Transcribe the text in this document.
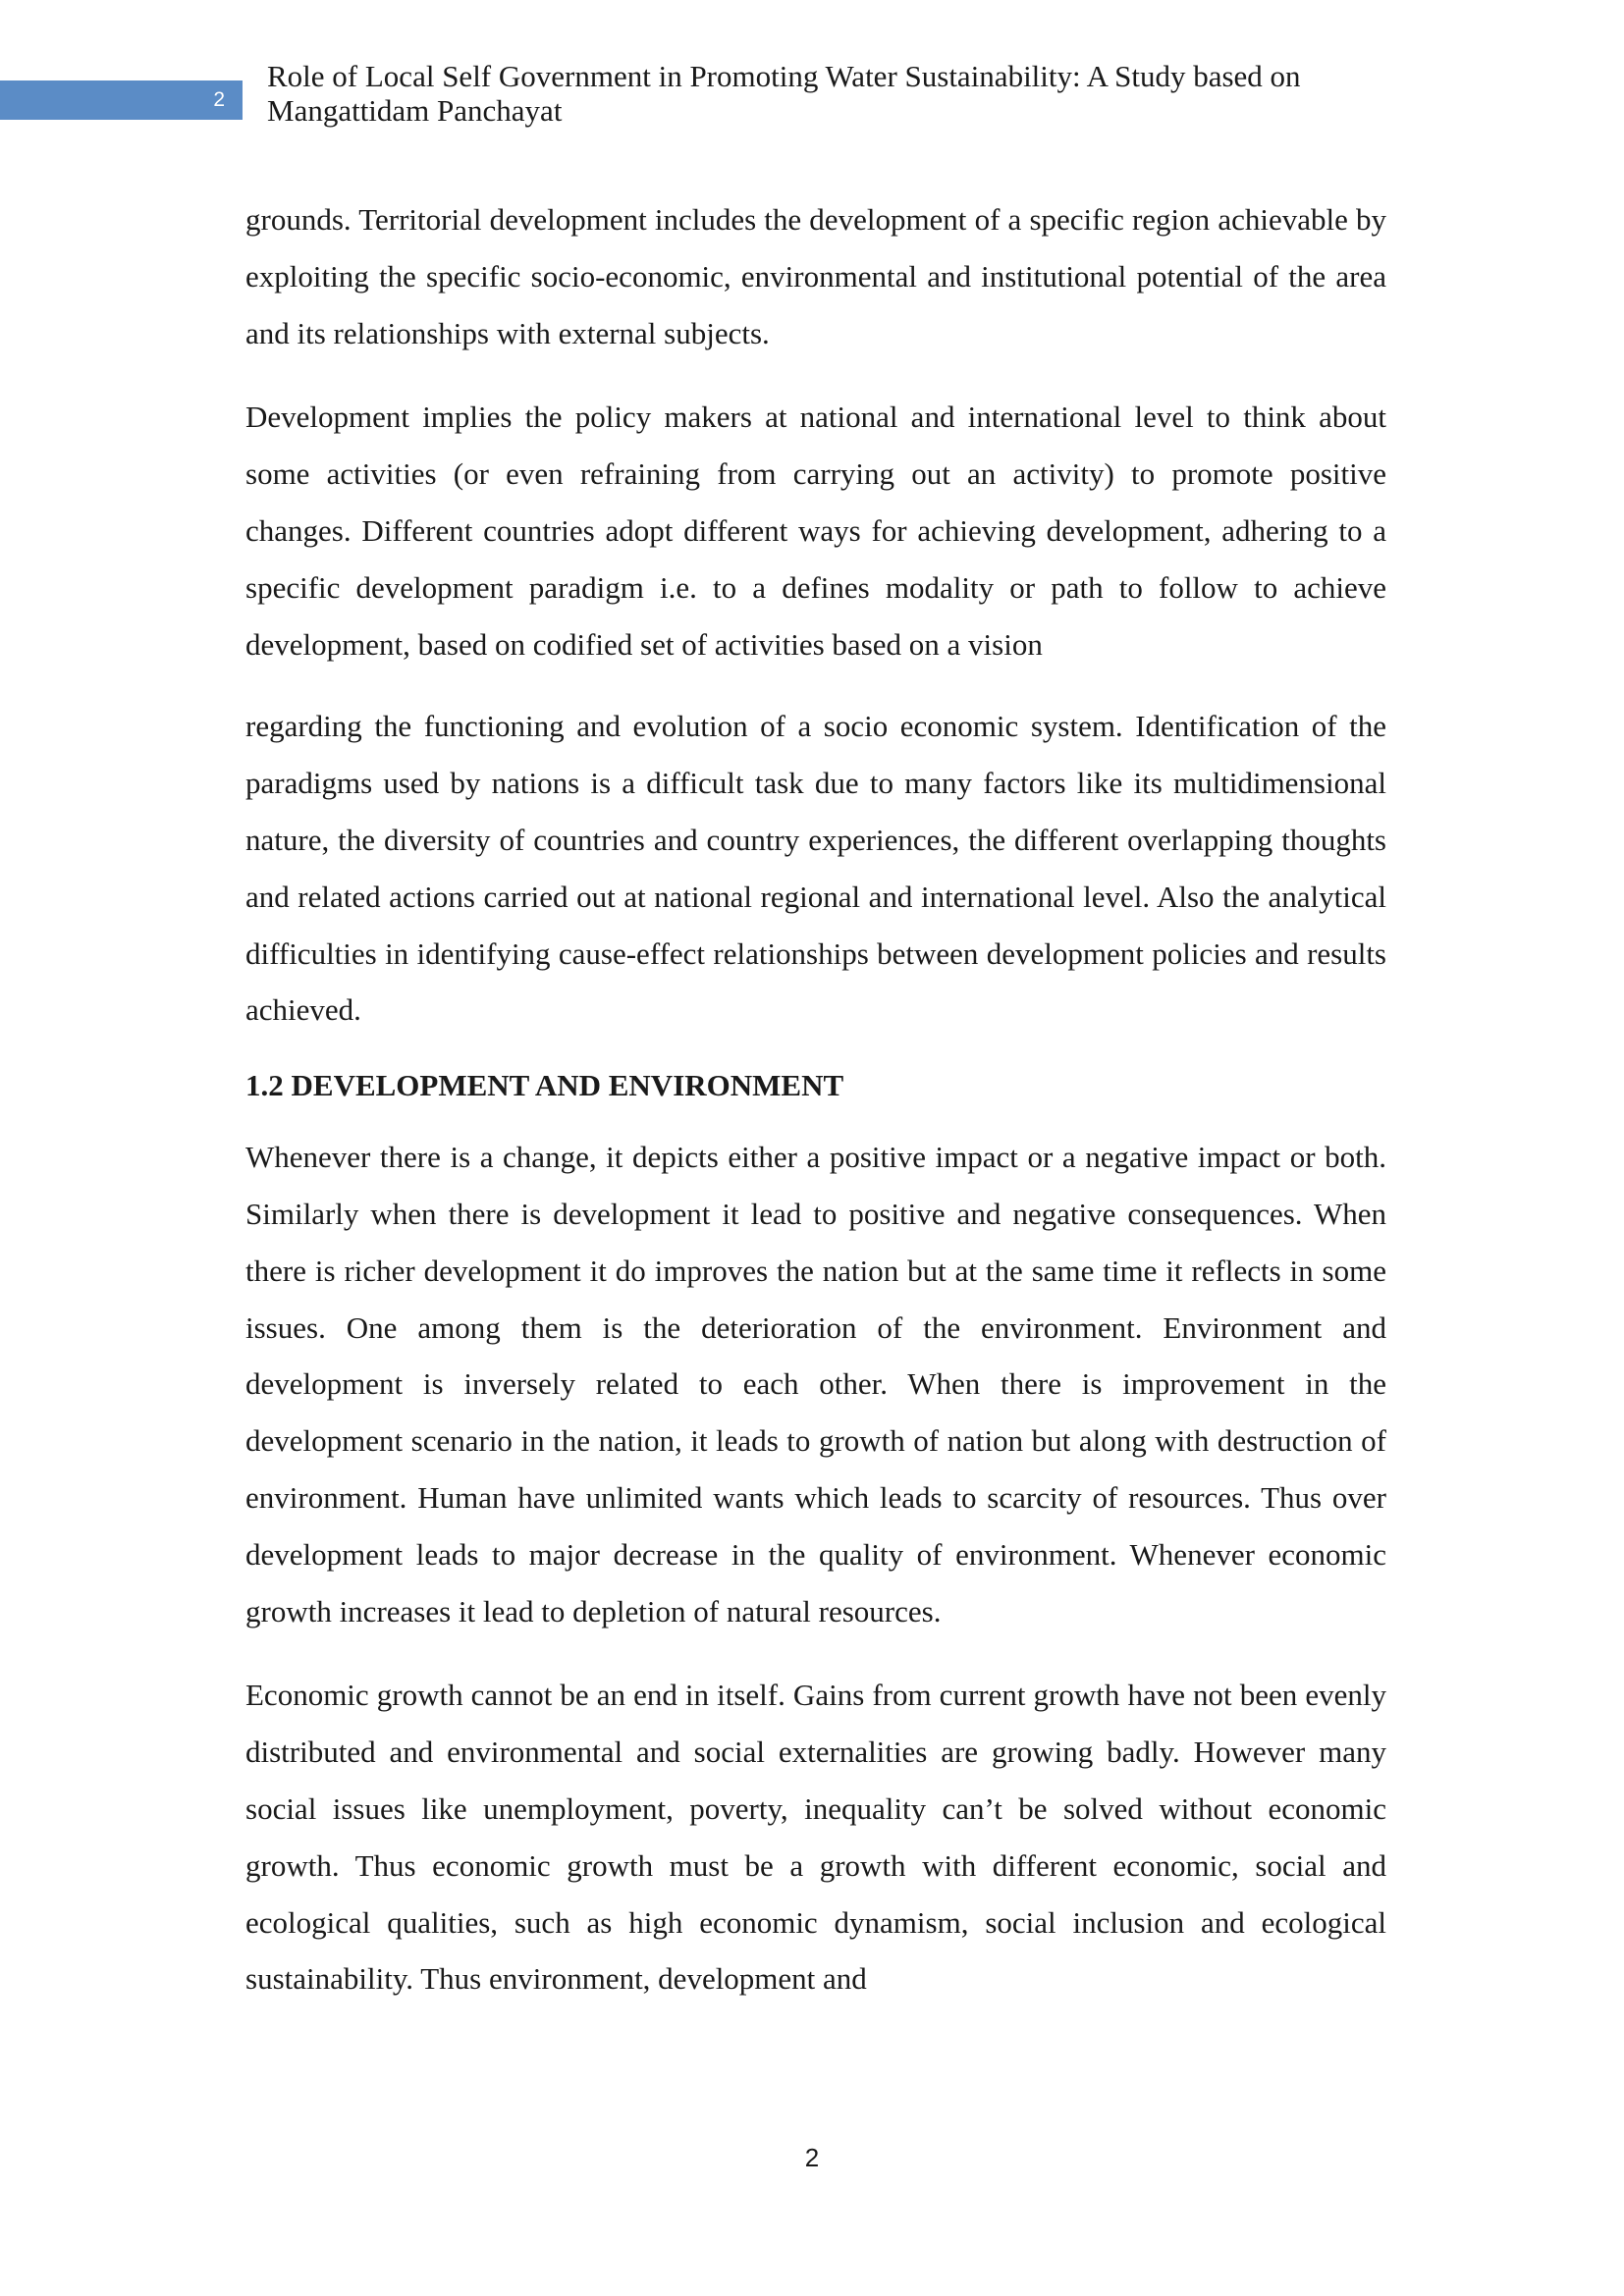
2
Role of Local Self Government in Promoting Water Sustainability: A Study based on Mangattidam Panchayat

grounds. Territorial development includes the development of a specific region achievable by exploiting the specific socio-economic, environmental and institutional potential of the area and its relationships with external subjects.

Development implies the policy makers at national and international level to think about some activities (or even refraining from carrying out an activity) to promote positive changes. Different countries adopt different ways for achieving development, adhering to a specific development paradigm i.e. to a defines modality or path to follow to achieve development, based on codified set of activities based on a vision

regarding the functioning and evolution of a socio economic system. Identification of the paradigms used by nations is a difficult task due to many factors like its multidimensional nature, the diversity of countries and country experiences, the different overlapping thoughts and related actions carried out at national regional and international level. Also the analytical difficulties in identifying cause-effect relationships between development policies and results achieved.

1.2 DEVELOPMENT AND ENVIRONMENT

Whenever there is a change, it depicts either a positive impact or a negative impact or both. Similarly when there is development it lead to positive and negative consequences. When there is richer development it do improves the nation but at the same time it reflects in some issues. One among them is the deterioration of the environment. Environment and development is inversely related to each other. When there is improvement in the development scenario in the nation, it leads to growth of nation but along with destruction of environment. Human have unlimited wants which leads to scarcity of resources. Thus over development leads to major decrease in the quality of environment. Whenever economic growth increases it lead to depletion of natural resources.

Economic growth cannot be an end in itself. Gains from current growth have not been evenly distributed and environmental and social externalities are growing badly. However many social issues like unemployment, poverty, inequality can’t be solved without economic growth. Thus economic growth must be a growth with different economic, social and ecological qualities, such as high economic dynamism, social inclusion and ecological sustainability. Thus environment, development and

2
